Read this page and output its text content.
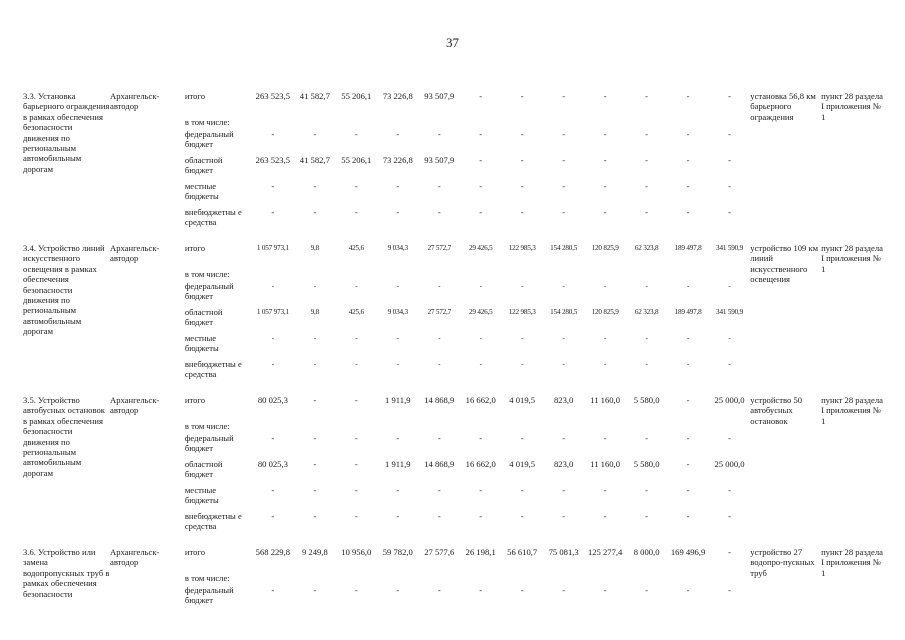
37
3.3. Установка барьерного ограждения в рамках обеспечения безопасности движения по региональным автомобильным дорогам	Архангельск-автодор	итого	263 523,5	41 582,7	55 206,1	73 226,8	93 507,9	-	-	-	-	-	-	-	установка 56,8 км барьерного ограждения	пункт 28 раздела I приложения № 1
		в том числе:														
		федеральный бюджет	-	-	-	-	-	-	-	-	-	-	-	-		
		областной бюджет	263 523,5	41 582,7	55 206,1	73 226,8	93 507,9	-	-	-	-	-	-	-		
		местные бюджеты	-	-	-	-	-	-	-	-	-	-	-	-		
		внебюджетны е средства	-	-	-	-	-	-	-	-	-	-	-	-		

3.4. Устройство линий искусственного освещения в рамках обеспечения безопасности движения по региональным автомобильным дорогам	Архангельск-автодор	итого	1 057 973,1	9,8	425,6	9 034,3	27 572,7	29 426,5	122 985,3	154 280,5	120 825,9	62 323,8	189 497,8	341 590,9	устройство 109 км линий искусственного освещения	пункт 28 раздела I приложения № 1
		в том числе:														
		федеральный бюджет	-	-	-	-	-	-	-	-	-	-	-	-		
		областной бюджет	1 057 973,1	9,8	425,6	9 034,3	27 572,7	29 426,5	122 985,3	154 280,5	120 825,9	62 323,8	189 497,8	341 590,9		
		местные бюджеты	-	-	-	-	-	-	-	-	-	-	-	-		
		внебюджетны е средства	-	-	-	-	-	-	-	-	-	-	-	-		

3.5. Устройство автобусных остановок в рамках обеспечения безопасности движения по региональным автомобильным дорогам	Архангельск-автодор	итого	80 025,3	-	-	1 911,9	14 868,9	16 662,0	4 019,5	823,0	11 160,0	5 580,0	-	25 000,0	устройство 50 автобусных остановок	пункт 28 раздела I приложения № 1
		в том числе:														
		федеральный бюджет	-	-	-	-	-	-	-	-	-	-	-	-		
		областной бюджет	80 025,3	-	-	1 911,9	14 868,9	16 662,0	4 019,5	823,0	11 160,0	5 580,0	-	25 000,0		
		местные бюджеты	-	-	-	-	-	-	-	-	-	-	-	-		
		внебюджетны е средства	-	-	-	-	-	-	-	-	-	-	-	-		

3.6. Устройство или замена водопропускных труб в рамках обеспечения безопасности	Архангельск-автодор	итого	568 229,8	9 249,8	10 956,0	59 782,0	27 577,6	26 198,1	56 610,7	75 081,3	125 277,4	8 000,0	169 496,9	-	устройство 27 водопро-пускных труб	пункт 28 раздела I приложения № 1
		в том числе:														
		федеральный бюджет	-	-	-	-	-	-	-	-	-	-	-	-		
